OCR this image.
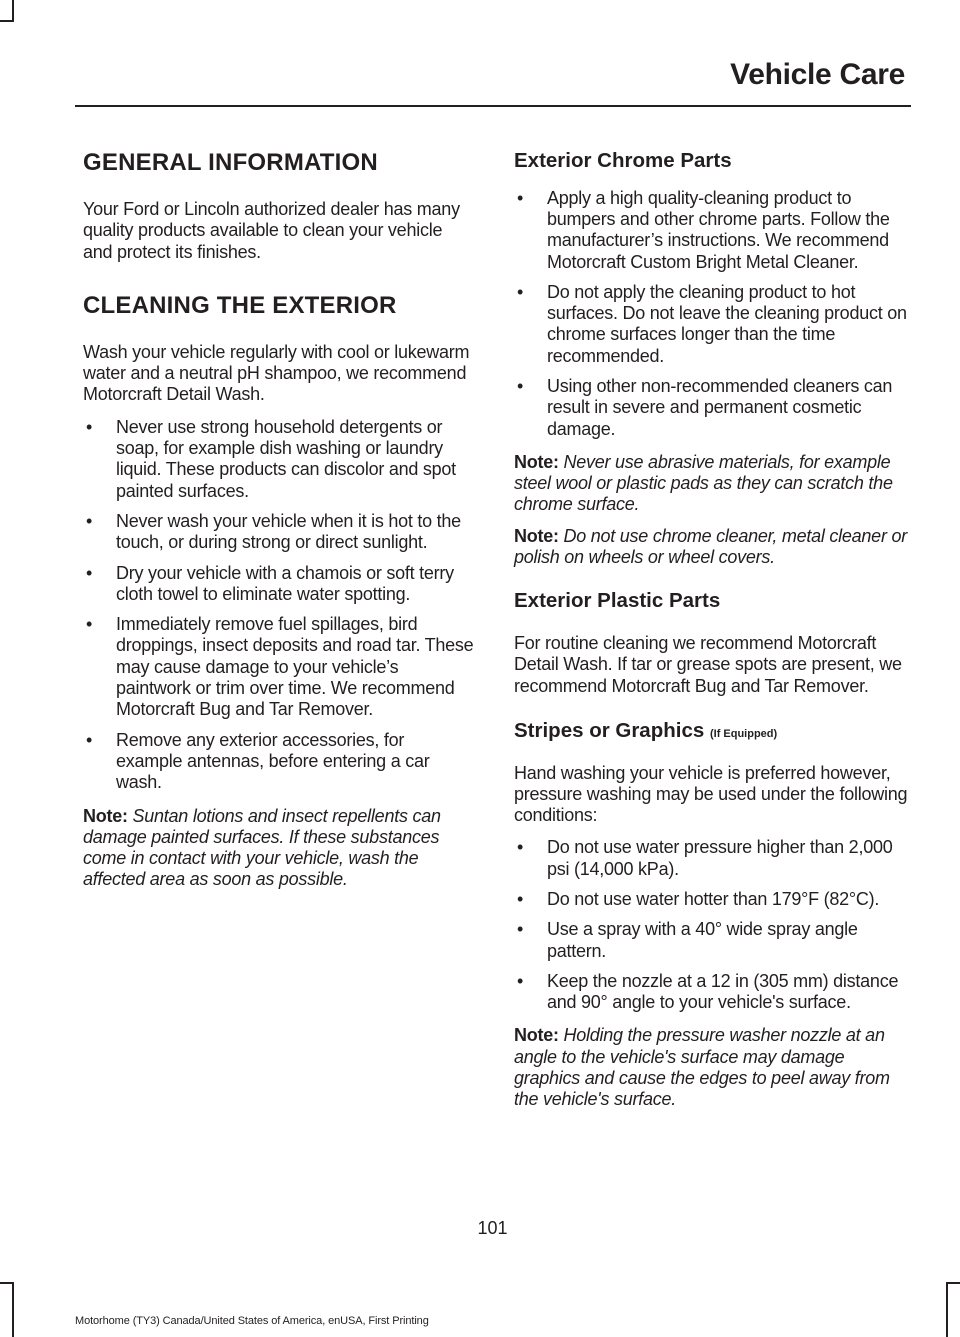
Vehicle Care
GENERAL INFORMATION

Your Ford or Lincoln authorized dealer has many quality products available to clean your vehicle and protect its finishes.

CLEANING THE EXTERIOR

Wash your vehicle regularly with cool or lukewarm water and a neutral pH shampoo, we recommend Motorcraft Detail Wash.

• Never use strong household detergents or soap, for example dish washing or laundry liquid. These products can discolor and spot painted surfaces.
• Never wash your vehicle when it is hot to the touch, or during strong or direct sunlight.
• Dry your vehicle with a chamois or soft terry cloth towel to eliminate water spotting.
• Immediately remove fuel spillages, bird droppings, insect deposits and road tar. These may cause damage to your vehicle’s paintwork or trim over time. We recommend Motorcraft Bug and Tar Remover.
• Remove any exterior accessories, for example antennas, before entering a car wash.

Note: Suntan lotions and insect repellents can damage painted surfaces. If these substances come in contact with your vehicle, wash the affected area as soon as possible.

Exterior Chrome Parts
• Apply a high quality-cleaning product to bumpers and other chrome parts. Follow the manufacturer’s instructions. We recommend Motorcraft Custom Bright Metal Cleaner.
• Do not apply the cleaning product to hot surfaces. Do not leave the cleaning product on chrome surfaces longer than the time recommended.
• Using other non-recommended cleaners can result in severe and permanent cosmetic damage.

Note: Never use abrasive materials, for example steel wool or plastic pads as they can scratch the chrome surface.

Note: Do not use chrome cleaner, metal cleaner or polish on wheels or wheel covers.

Exterior Plastic Parts

For routine cleaning we recommend Motorcraft Detail Wash. If tar or grease spots are present, we recommend Motorcraft Bug and Tar Remover.

Stripes or Graphics (If Equipped)

Hand washing your vehicle is preferred however, pressure washing may be used under the following conditions:

• Do not use water pressure higher than 2,000 psi (14,000 kPa).
• Do not use water hotter than 179°F (82°C).
• Use a spray with a 40° wide spray angle pattern.
• Keep the nozzle at a 12 in (305 mm) distance and 90° angle to your vehicle's surface.

Note: Holding the pressure washer nozzle at an angle to the vehicle's surface may damage graphics and cause the edges to peel away from the vehicle's surface.

101
Motorhome (TY3) Canada/United States of America, enUSA, First Printing
